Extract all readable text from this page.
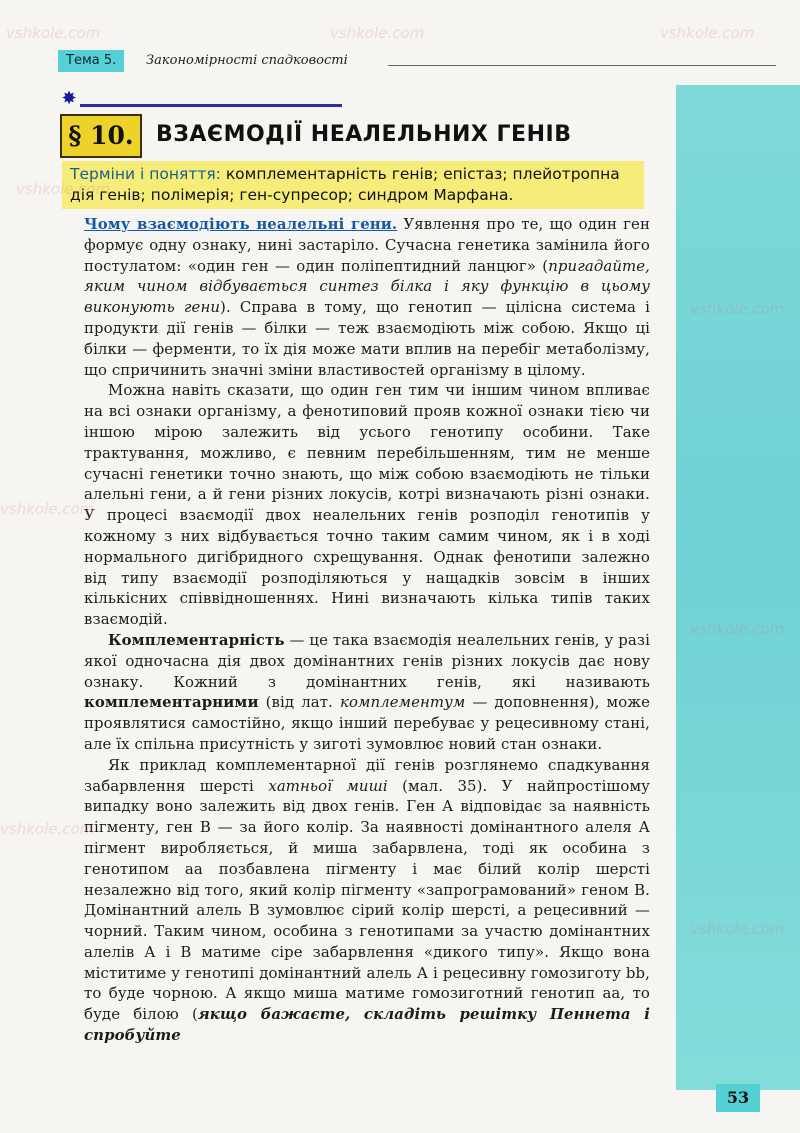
vshkole.com	vshkole.com	vshkole.com
vshkole.com
vshkole.com
vshkole.com
vshkole.com
vshkole.com
vshkole.com
Тема 5.	Закономірності спадковості
✸
§ 10.	ВЗАЄМОДІЇ НЕАЛЕЛЬНИХ ГЕНІВ
Терміни і поняття: комплементарність генів; епістаз; плейотропна дія генів; полімерія; ген-супресор; синдром Марфана.

Чому взаємодіють неалельні гени. Уявлення про те, що один ген формує одну ознаку, нині застаріло. Сучасна генетика замінила його постулатом: «один ген — один поліпептидний ланцюг» (пригадайте, яким чином відбувається синтез білка і яку функцію в цьому виконують гени). Справа в тому, що генотип — цілісна система і продукти дії генів — білки — теж взаємодіють між собою. Якщо ці білки — ферменти, то їх дія може мати вплив на перебіг метаболізму, що спричинить значні зміни властивостей організму в цілому.

Можна навіть сказати, що один ген тим чи іншим чином впливає на всі ознаки організму, а фенотиповий прояв кожної ознаки тією чи іншою мірою залежить від усього генотипу особини. Таке трактування, можливо, є певним перебільшенням, тим не менше сучасні генетики точно знають, що між собою взаємодіють не тільки алельні гени, а й гени різних локусів, котрі визначають різні ознаки. У процесі взаємодії двох неалельних генів розподіл генотипів у кожному з них відбувається точно таким самим чином, як і в ході нормального дигібридного схрещування. Однак фенотипи залежно від типу взаємодії розподіляються у нащадків зовсім в інших кількісних співвідношеннях. Нині визначають кілька типів таких взаємодій.

Комплементарність — це така взаємодія неалельних генів, у разі якої одночасна дія двох домінантних генів різних локусів дає нову ознаку. Кожний з домінантних генів, які називають комплементарними (від лат. комплементум — доповнення), може проявлятися самостійно, якщо інший перебуває у рецесивному стані, але їх спільна присутність у зиготі зумовлює новий стан ознаки.

Як приклад комплементарної дії генів розглянемо спадкування забарвлення шерсті хатньої миші (мал. 35). У найпростішому випадку воно залежить від двох генів. Ген А відповідає за наявність пігменту, ген В — за його колір. За наявності домінантного алеля А пігмент виробляється, й миша забарвлена, тоді як особина з генотипом аа позбавлена пігменту і має білий колір шерсті незалежно від того, який колір пігменту «запрограмований» геном В. Домінантний алель В зумовлює сірий колір шерсті, а рецесивний — чорний. Таким чином, особина з генотипами за участю домінантних алелів А і В матиме сіре забарвлення «дикого типу». Якщо вона міститиме у генотипі домінантний алель А і рецесивну гомозиготу bb, то буде чорною. А якщо миша матиме гомозиготний генотип аа, то буде білою (якщо бажаєте, складіть решітку Пеннета і спробуйте

53
